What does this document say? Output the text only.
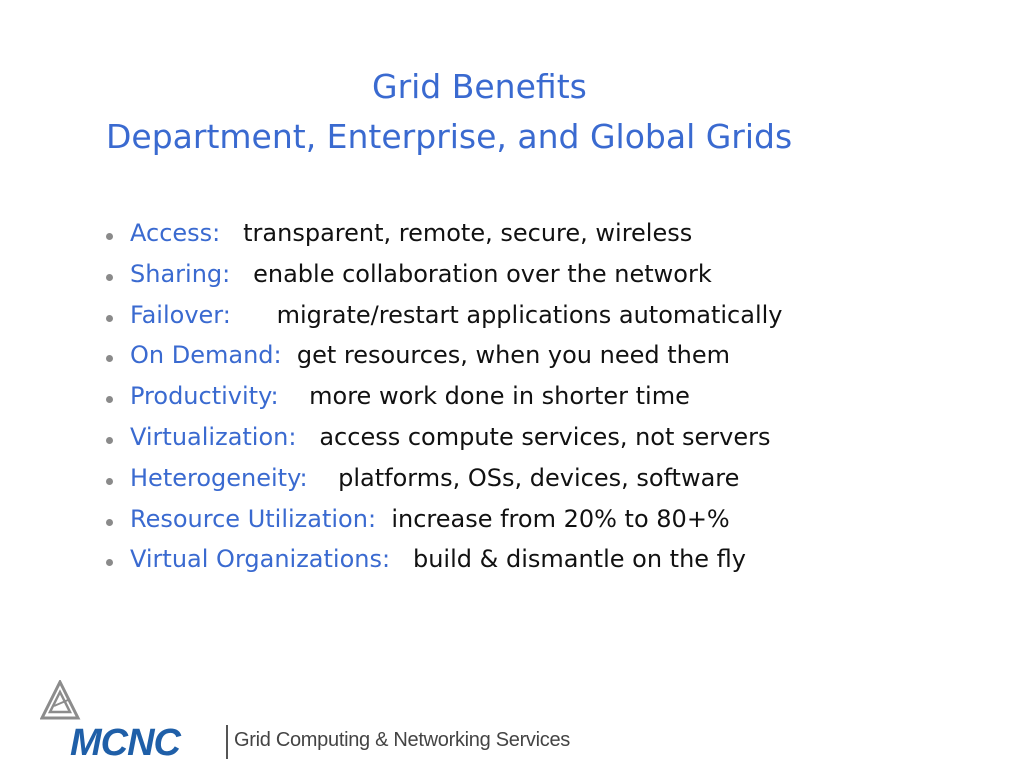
Grid Benefits
Department, Enterprise, and Global Grids
Access: transparent, remote, secure, wireless
Sharing: enable collaboration over the network
Failover: migrate/restart applications automatically
On Demand: get resources, when you need them
Productivity: more work done in shorter time
Virtualization: access compute services, not servers
Heterogeneity: platforms, OSs, devices, software
Resource Utilization: increase from 20% to 80+%
Virtual Organizations: build & dismantle on the fly
MCNC	Grid Computing & Networking Services
